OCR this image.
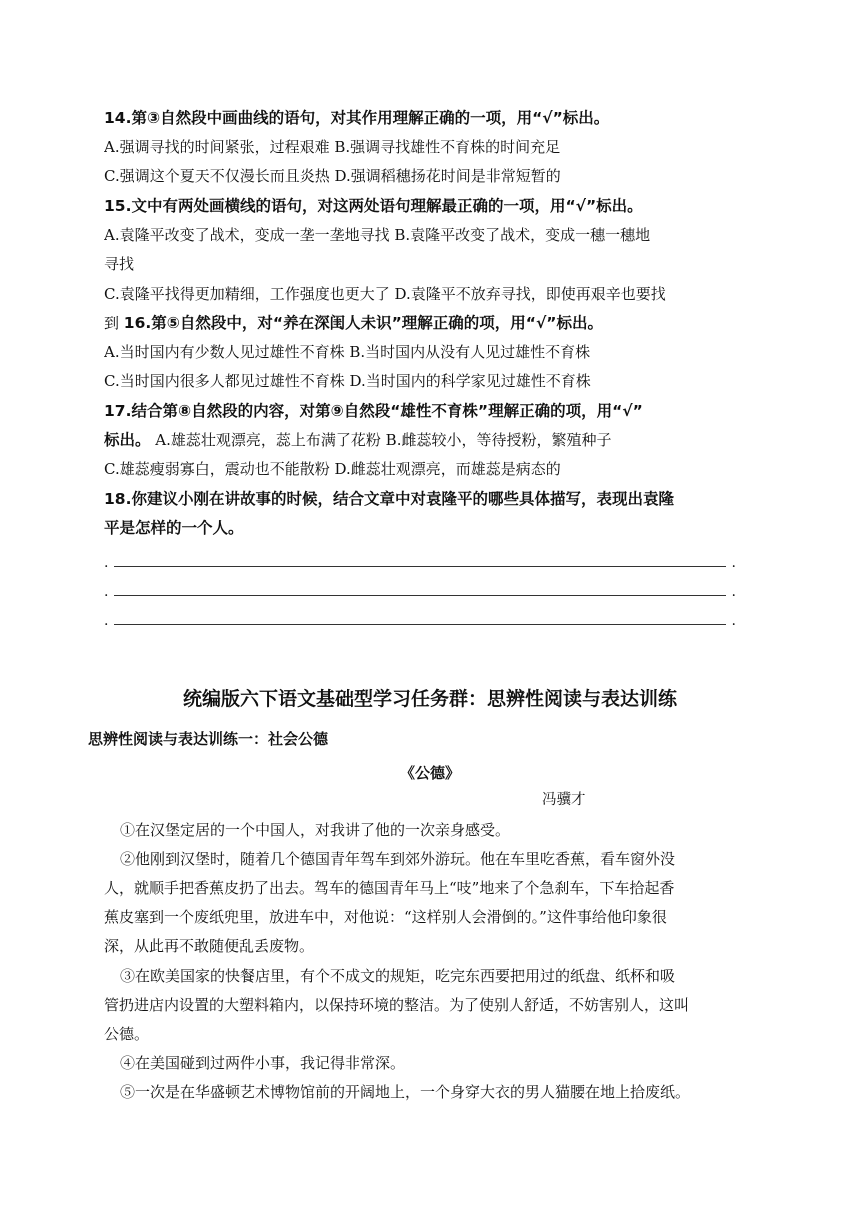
14.第③自然段中画曲线的语句，对其作用理解正确的一项，用“√”标出。
A.强调寻找的时间紧张，过程艰难 B.强调寻找雄性不育株的时间充足
C.强调这个夏天不仅漫长而且炎热 D.强调稻穗扬花时间是非常短暂的
15.文中有两处画横线的语句，对这两处语句理解最正确的一项，用“√”标出。
A.袁隆平改变了战术，变成一垄一垄地寻找 B.袁隆平改变了战术，变成一穗一穗地
寻找
C.袁隆平找得更加精细，工作强度也更大了 D.袁隆平不放弃寻找，即使再艰辛也要找
到 16.第⑤自然段中，对“养在深闺人未识”理解正确的项，用“√”标出。
A.当时国内有少数人见过雄性不育株 B.当时国内从没有人见过雄性不育株
C.当时国内很多人都见过雄性不育株 D.当时国内的科学家见过雄性不育株
17.结合第⑧自然段的内容，对第⑨自然段“雄性不育株”理解正确的项，用“√”
标出。 A.雄蕊壮观漂亮，蕊上布满了花粉 B.雌蕊较小，等待授粉，繁殖种子
C.雄蕊瘦弱寡白，震动也不能散粉 D.雌蕊壮观漂亮，而雄蕊是病态的
18.你建议小刚在讲故事的时候，结合文章中对袁隆平的哪些具体描写，表现出袁隆
平是怎样的一个人。
.	.
.	.
.	.
统编版六下语文基础型学习任务群：思辨性阅读与表达训练
思辨性阅读与表达训练一：社会公德
《公德》
冯骥才
①在汉堡定居的一个中国人，对我讲了他的一次亲身感受。
②他刚到汉堡时，随着几个德国青年驾车到郊外游玩。他在车里吃香蕉，看车窗外没
人，就顺手把香蕉皮扔了出去。驾车的德国青年马上“吱”地来了个急刹车，下车拾起香
蕉皮塞到一个废纸兜里，放进车中，对他说：“这样别人会滑倒的。”这件事给他印象很
深，从此再不敢随便乱丢废物。
③在欧美国家的快餐店里，有个不成文的规矩，吃完东西要把用过的纸盘、纸杯和吸
管扔进店内设置的大塑料箱内，以保持环境的整洁。为了使别人舒适，不妨害别人，这叫
公德。
④在美国碰到过两件小事，我记得非常深。
⑤一次是在华盛顿艺术博物馆前的开阔地上，一个身穿大衣的男人猫腰在地上拾废纸。
